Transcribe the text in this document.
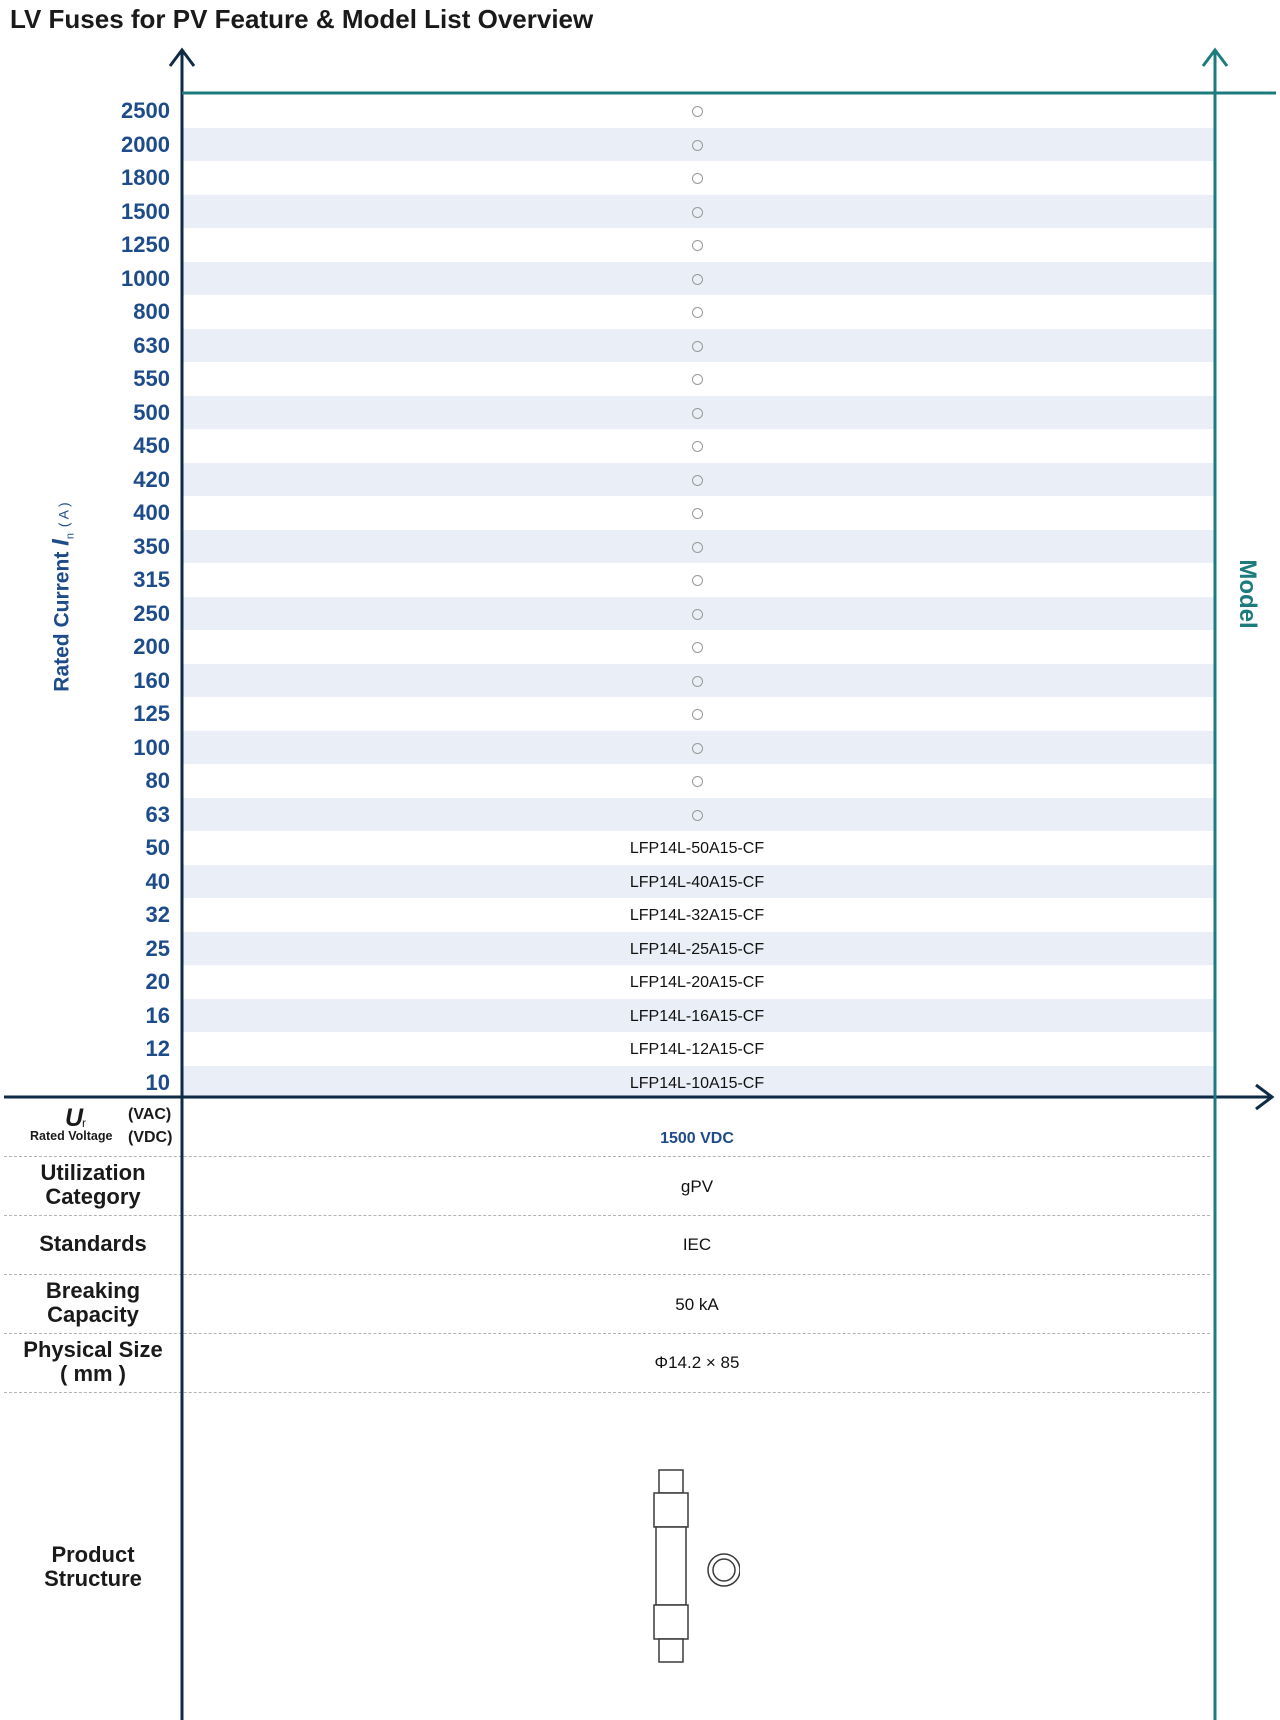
LV Fuses for PV Feature & Model List Overview
2500
2000
1800
1500
1250
1000
800
630
550
500
450
420
400
350
315
250
200
160
125
100
80
63
50	LFP14L-50A15-CF
40	LFP14L-40A15-CF
32	LFP14L-32A15-CF
25	LFP14L-25A15-CF
20	LFP14L-20A15-CF
16	LFP14L-16A15-CF
12	LFP14L-12A15-CF
10	LFP14L-10A15-CF
Rated Current $I_n$ ( A )
Model
U
r
Rated Voltage
(VAC)
(VDC)	1500 VDC
Utilization
Category	gPV
Standards	IEC
Breaking
Capacity	50 kA
Physical Size
( mm )	Φ14.2 × 85
Product
Structure
